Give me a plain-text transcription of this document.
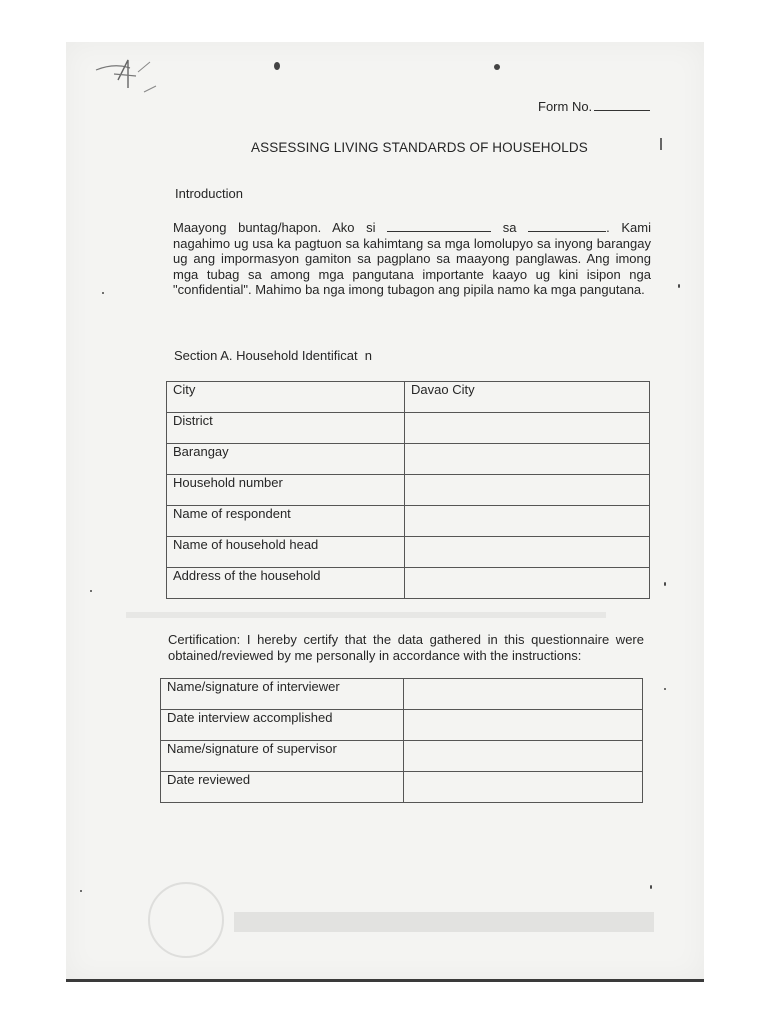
Form No.
ASSESSING LIVING STANDARDS OF HOUSEHOLDS
Introduction
Maayong buntag/hapon. Ako si	sa	. Kami nagahimo ug usa ka pagtuon sa kahimtang sa mga lomolupyo sa inyong barangay ug ang impormasyon gamiton sa pagplano sa maayong panglawas. Ang imong mga tubag sa among mga pangutana importante kaayo ug kini isipon nga "confidential". Mahimo ba nga imong tubagon ang pipila namo ka mga pangutana.
Section A. Household Identificat  n
City	Davao City
District	
Barangay	
Household number	
Name of respondent	
Name of household head	
Address of the household	
Certification: I hereby certify that the data gathered in this questionnaire were obtained/reviewed by me personally in accordance with the instructions:
Name/signature of interviewer	
Date interview accomplished	
Name/signature of supervisor	
Date reviewed	
